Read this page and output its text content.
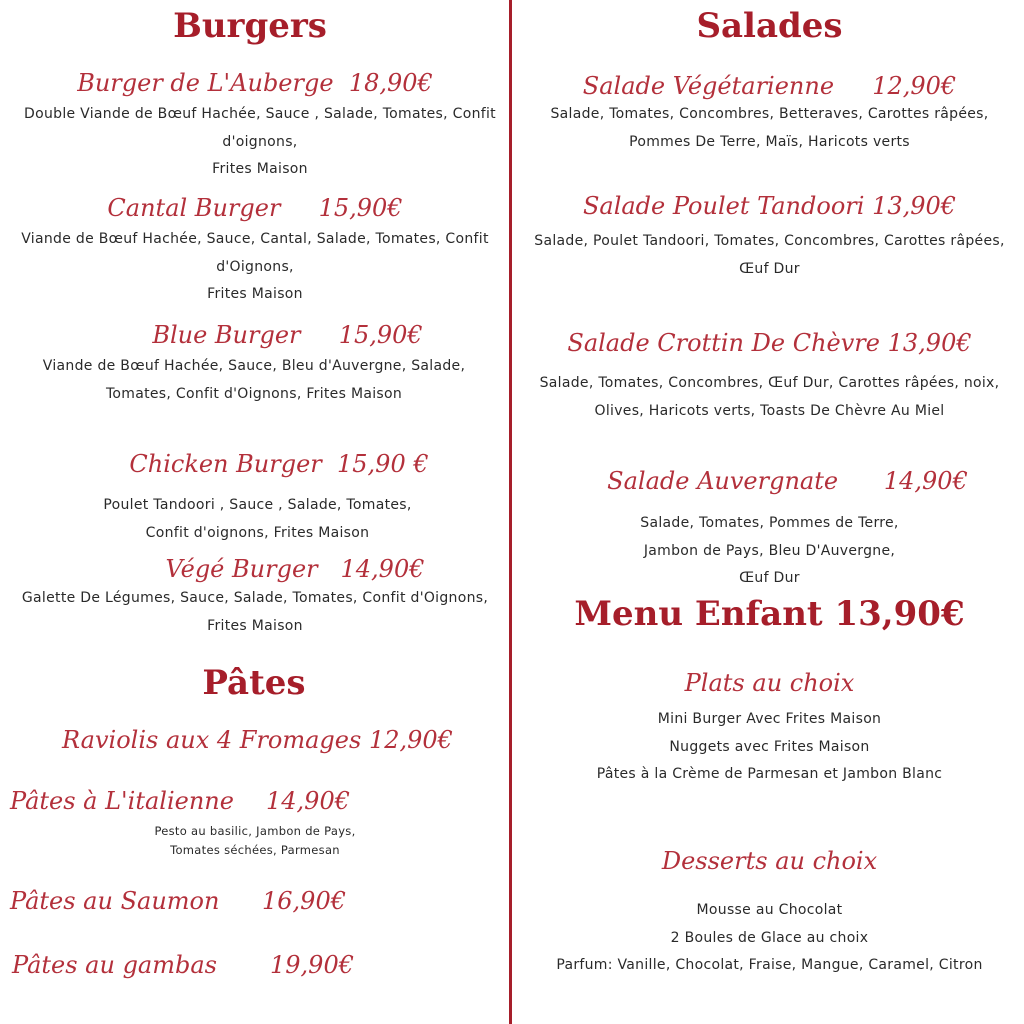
Burgers
Burger de L'Auberge 18,90€
Double Viande de Bœuf Hachée, Sauce , Salade, Tomates, Confit
d'oignons,
Frites Maison
Cantal Burger 15,90€
Viande de Bœuf Hachée, Sauce, Cantal, Salade, Tomates, Confit
d'Oignons,
Frites Maison
Blue Burger 15,90€
Viande de Bœuf Hachée, Sauce, Bleu d'Auvergne, Salade,
Tomates, Confit d'Oignons, Frites Maison
Chicken Burger 15,90 €
Poulet Tandoori , Sauce , Salade, Tomates,
Confit d'oignons, Frites Maison
Végé Burger 14,90€
Galette De Légumes, Sauce, Salade, Tomates, Confit d'Oignons,
Frites Maison
Pâtes
Raviolis aux 4 Fromages 12,90€
Pâtes à L'italienne 14,90€
Pesto au basilic, Jambon de Pays,
Tomates séchées, Parmesan
Pâtes au Saumon 16,90€
Pâtes au gambas 19,90€
Salades
Salade Végétarienne 12,90€
Salade, Tomates, Concombres, Betteraves, Carottes râpées,
Pommes De Terre, Maïs, Haricots verts
Salade Poulet Tandoori 13,90€
Salade, Poulet Tandoori, Tomates, Concombres, Carottes râpées,
Œuf Dur
Salade Crottin De Chèvre 13,90€
Salade, Tomates, Concombres, Œuf Dur, Carottes râpées, noix,
Olives, Haricots verts, Toasts De Chèvre Au Miel
Salade Auvergnate 14,90€
Salade, Tomates, Pommes de Terre,
Jambon de Pays, Bleu D'Auvergne,
Œuf Dur
Menu Enfant 13,90€
Plats au choix
Mini Burger Avec Frites Maison
Nuggets avec Frites Maison
Pâtes à la Crème de Parmesan et Jambon Blanc
Desserts au choix
Mousse au Chocolat
2 Boules de Glace au choix
Parfum: Vanille, Chocolat, Fraise, Mangue, Caramel, Citron
